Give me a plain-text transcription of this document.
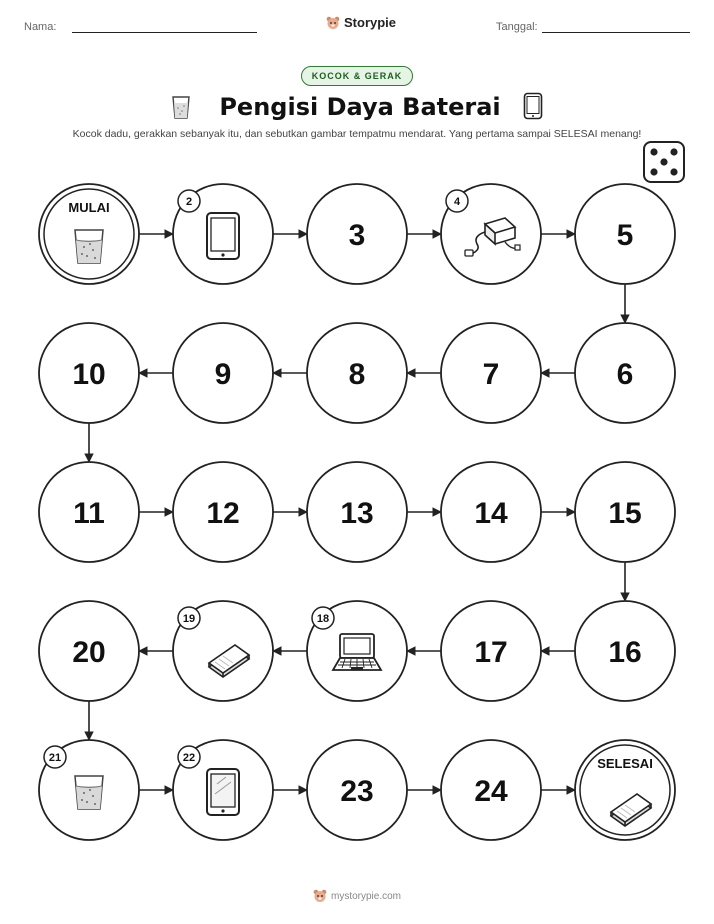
Nama:	Storypie	Tanggal:
KOCOK & GERAK
Pengisi Daya Baterai
Kocok dadu, gerakkan sebanyak itu, dan sebutkan gambar tempatmu mendarat. Yang pertama sampai SELESAI menang!
MULAI	2
3
4
5
6
7
8
9
10
11	12	13	14	15
16
17
18
19
20
21	22
23	24
SELESAI
mystorypie.com
